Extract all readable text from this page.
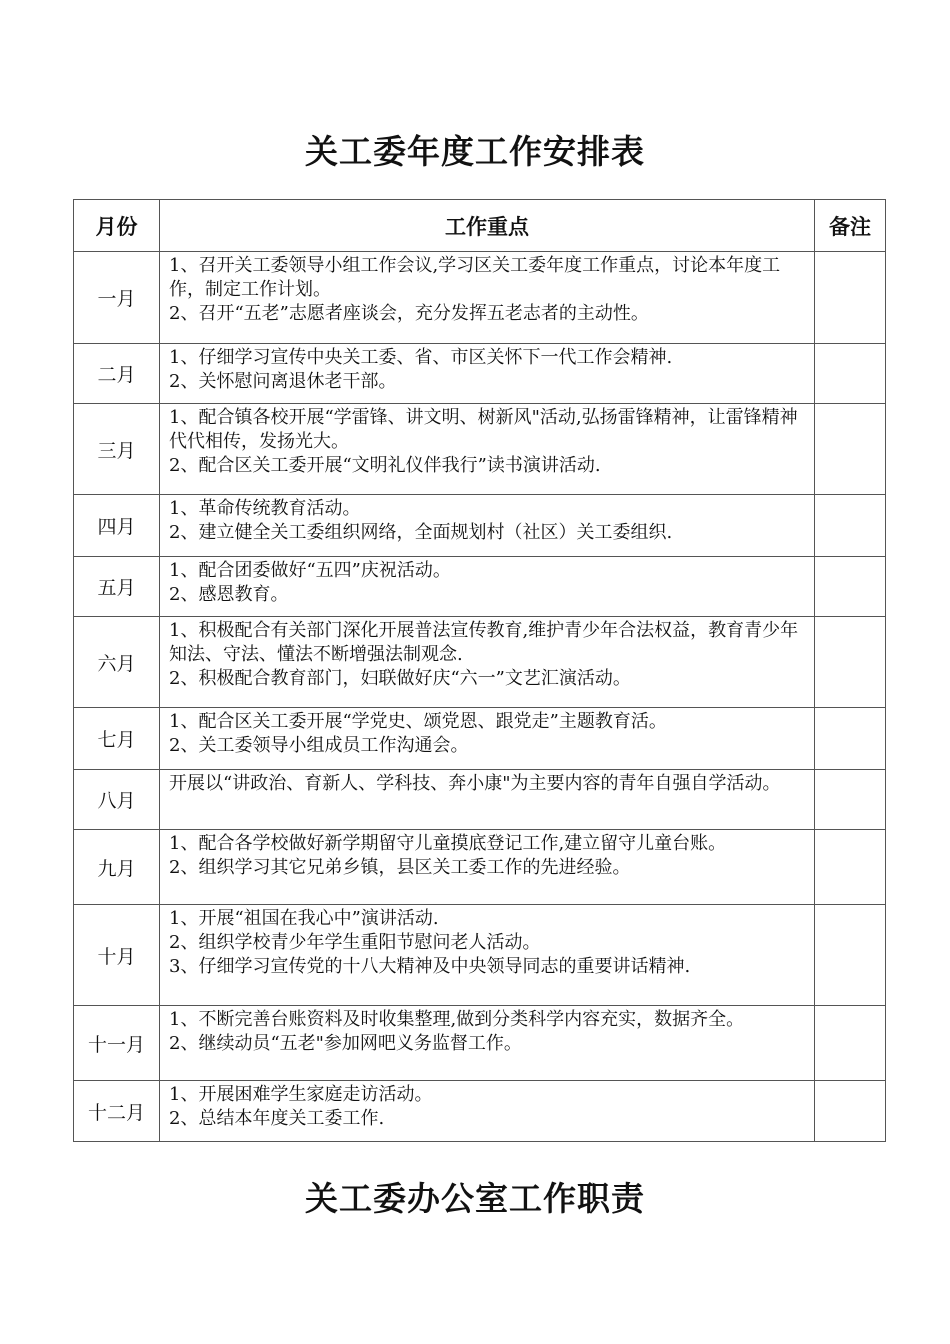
关工委年度工作安排表
月份	工作重点	备注
一月	1、召开关工委领导小组工作会议,学习区关工委年度工作重点，讨论本年度工作，制定工作计划。
2、召开“五老”志愿者座谈会，充分发挥五老志者的主动性。	

二月	1、仔细学习宣传中央关工委、省、市区关怀下一代工作会精神.
2、关怀慰问离退休老干部。	

三月	1、配合镇各校开展“学雷锋、讲文明、树新风"活动,弘扬雷锋精神，让雷锋精神代代相传，发扬光大。
2、配合区关工委开展“文明礼仪伴我行”读书演讲活动.	

四月	1、革命传统教育活动。
2、建立健全关工委组织网络，全面规划村（社区）关工委组织.	

五月	1、配合团委做好“五四”庆祝活动。
2、感恩教育。	

六月	1、积极配合有关部门深化开展普法宣传教育,维护青少年合法权益，教育青少年知法、守法、懂法不断增强法制观念.
2、积极配合教育部门，妇联做好庆“六一”文艺汇演活动。	

七月	1、配合区关工委开展“学党史、颂党恩、跟党走”主题教育活。
2、关工委领导小组成员工作沟通会。	

八月	开展以“讲政治、育新人、学科技、奔小康"为主要内容的青年自强自学活动。	

九月	1、配合各学校做好新学期留守儿童摸底登记工作,建立留守儿童台账。
2、组织学习其它兄弟乡镇，县区关工委工作的先进经验。	

十月	1、开展“祖国在我心中”演讲活动.
2、组织学校青少年学生重阳节慰问老人活动。
3、仔细学习宣传党的十八大精神及中央领导同志的重要讲话精神.	

十一月	1、不断完善台账资料及时收集整理,做到分类科学内容充实，数据齐全。
2、继续动员“五老"参加网吧义务监督工作。	

十二月	1、开展困难学生家庭走访活动。
2、总结本年度关工委工作.	

关工委办公室工作职责
